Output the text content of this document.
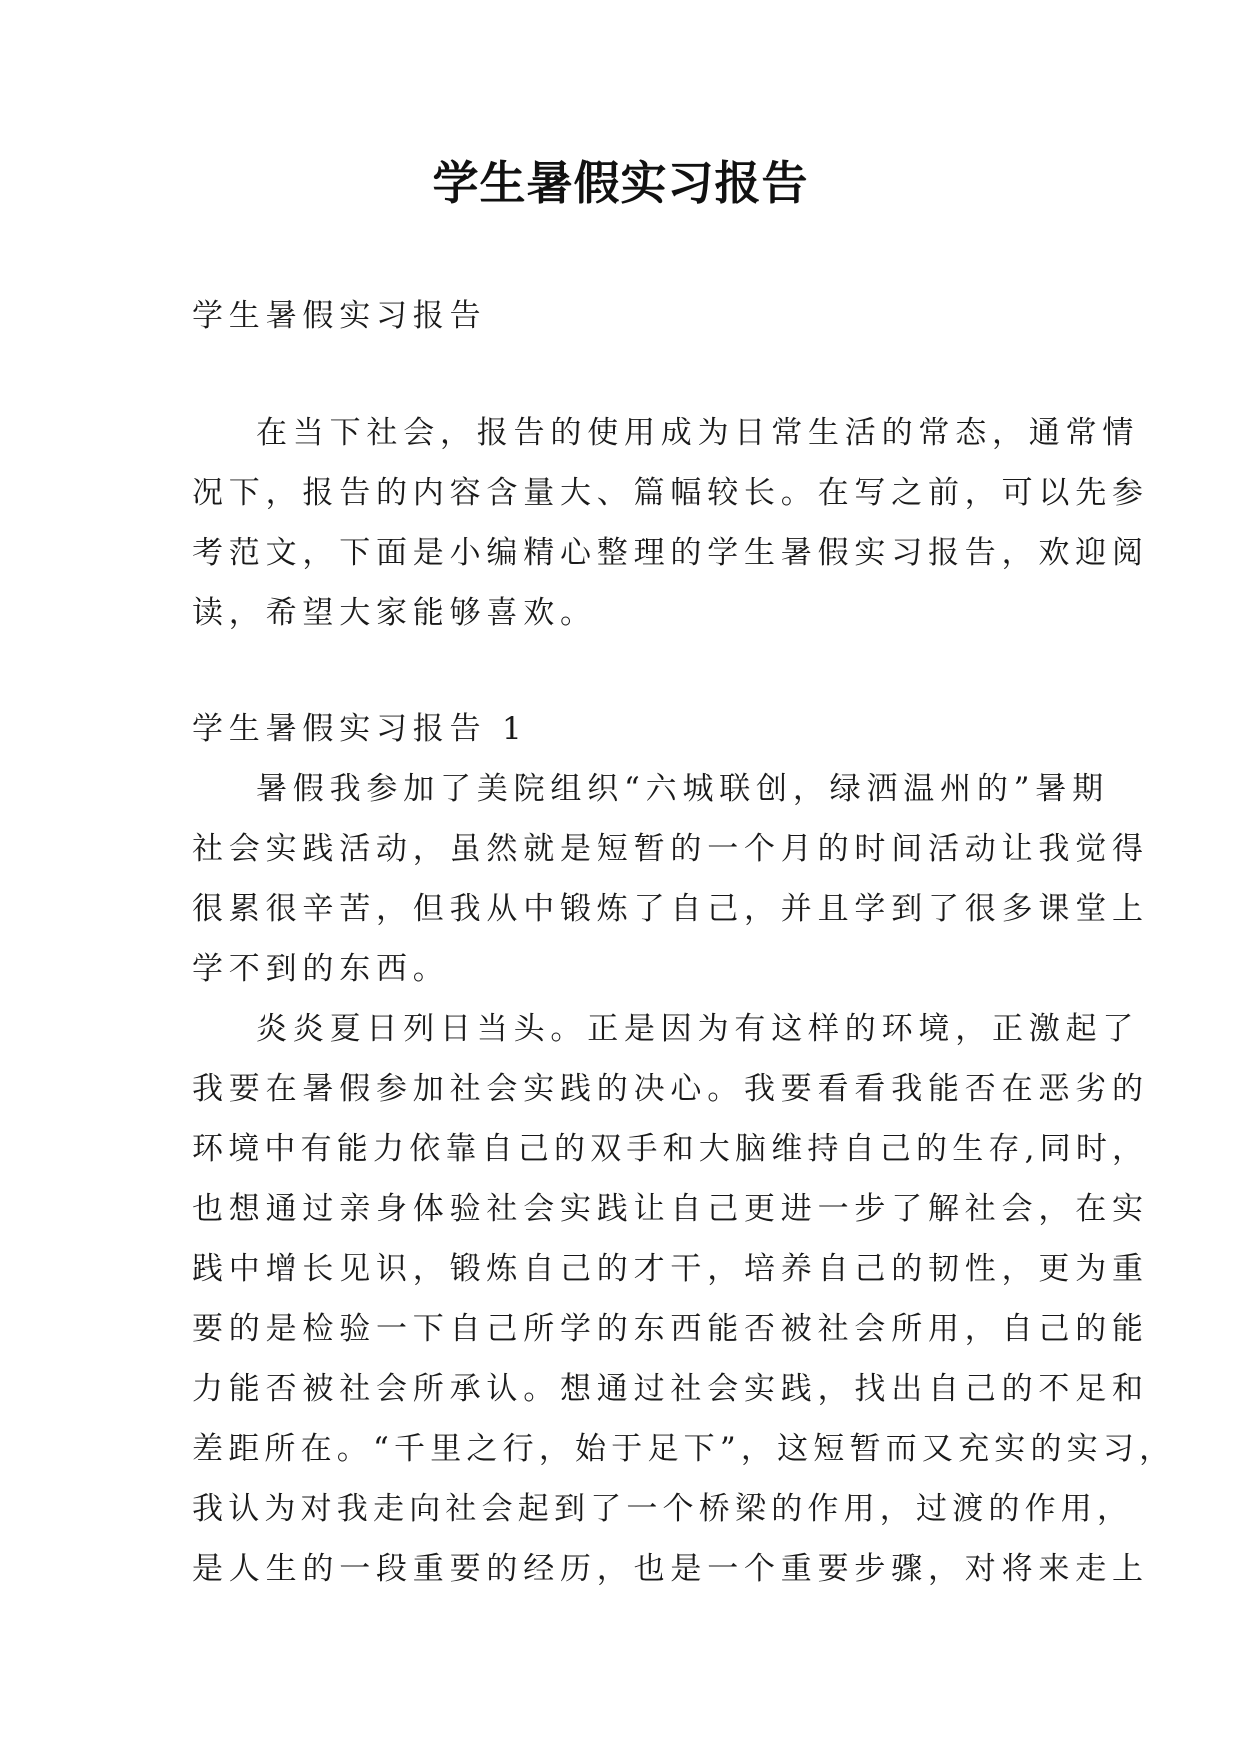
学生暑假实习报告
学生暑假实习报告
在当下社会，报告的使用成为日常生活的常态，通常情
况下，报告的内容含量大、篇幅较长。在写之前，可以先参
考范文，下面是小编精心整理的学生暑假实习报告，欢迎阅
读，希望大家能够喜欢。
学生暑假实习报告 1
暑假我参加了美院组织“六城联创，绿洒温州的”暑期
社会实践活动，虽然就是短暂的一个月的时间活动让我觉得
很累很辛苦，但我从中锻炼了自己，并且学到了很多课堂上
学不到的东西。
炎炎夏日列日当头。正是因为有这样的环境，正激起了
我要在暑假参加社会实践的决心。我要看看我能否在恶劣的
环境中有能力依靠自己的双手和大脑维持自己的生存,同时，
也想通过亲身体验社会实践让自己更进一步了解社会，在实
践中增长见识，锻炼自己的才干，培养自己的韧性，更为重
要的是检验一下自己所学的东西能否被社会所用，自己的能
力能否被社会所承认。想通过社会实践，找出自己的不足和
差距所在。“千里之行，始于足下”，这短暂而又充实的实习，
我认为对我走向社会起到了一个桥梁的作用，过渡的作用，
是人生的一段重要的经历，也是一个重要步骤，对将来走上
